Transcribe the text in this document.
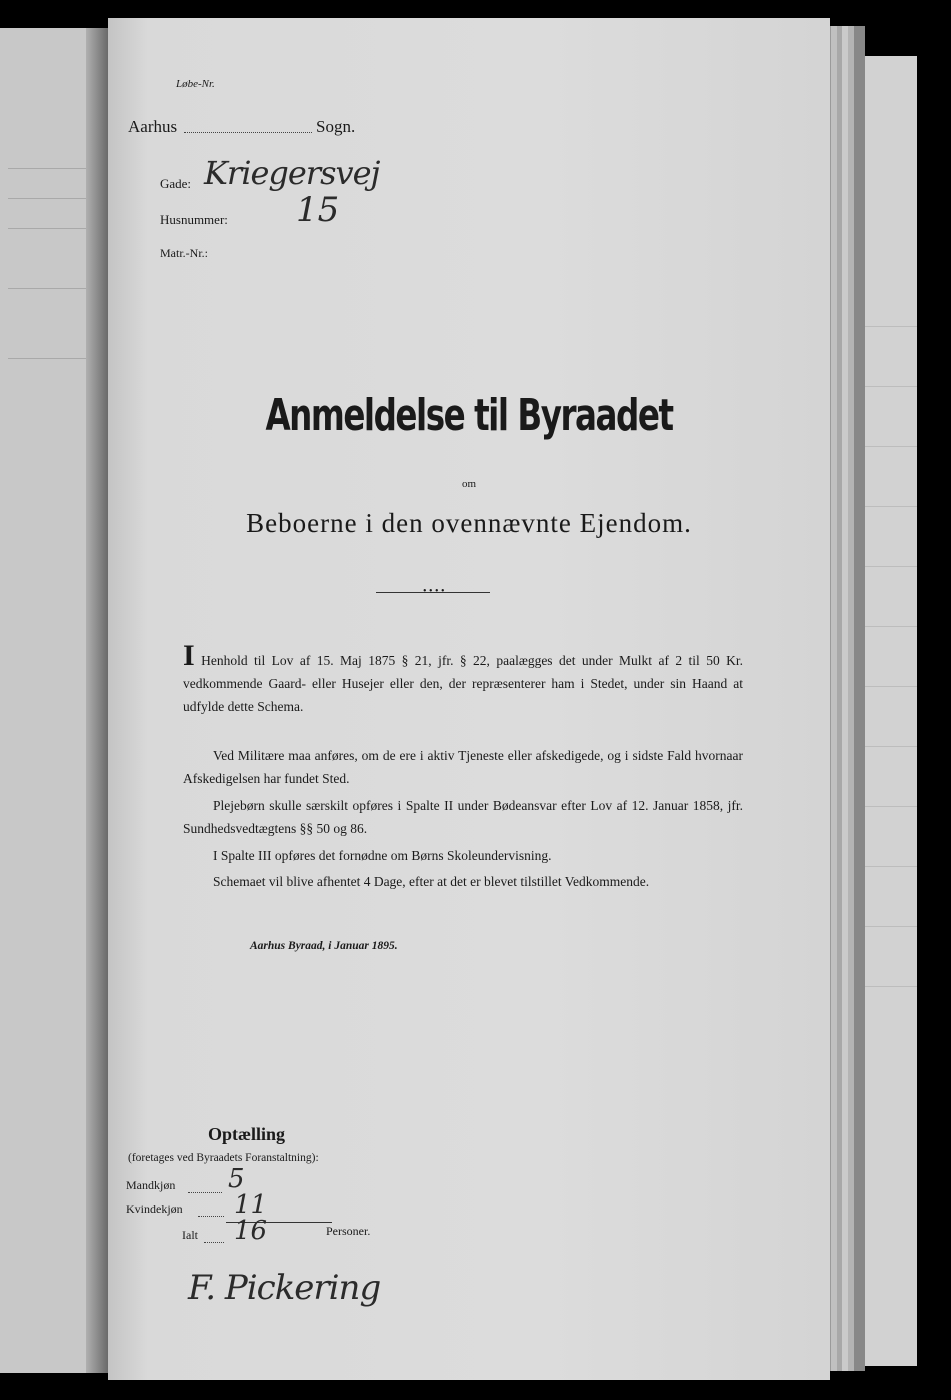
Løbe-Nr.
Aarhus	Sogn.
Gade: Kriegersvej
Husnummer: 15
Matr.-Nr.:
Anmeldelse til Byraadet
om
Beboerne i den ovennævnte Ejendom.
• • • •
I Henhold til Lov af 15. Maj 1875 § 21, jfr. § 22, paalægges det under Mulkt af 2 til 50 Kr. vedkommende Gaard- eller Husejer eller den, der repræsenterer ham i Stedet, under sin Haand at udfylde dette Schema.
Ved Militære maa anføres, om de ere i aktiv Tjeneste eller afskedigede, og i sidste Fald hvornaar Afskedigelsen har fundet Sted.
Plejebørn skulle særskilt opføres i Spalte II under Bødeansvar efter Lov af 12. Januar 1858, jfr. Sundhedsvedtægtens §§ 50 og 86.
I Spalte III opføres det fornødne om Børns Skoleundervisning.
Schemaet vil blive afhentet 4 Dage, efter at det er blevet tilstillet Vedkommende.
Aarhus Byraad, i Januar 1895.
Optælling
(foretages ved Byraadets Foranstaltning):
Mandkjøn 5
Kvindekjøn 11
Ialt 16	Personer.
F. Pickering
